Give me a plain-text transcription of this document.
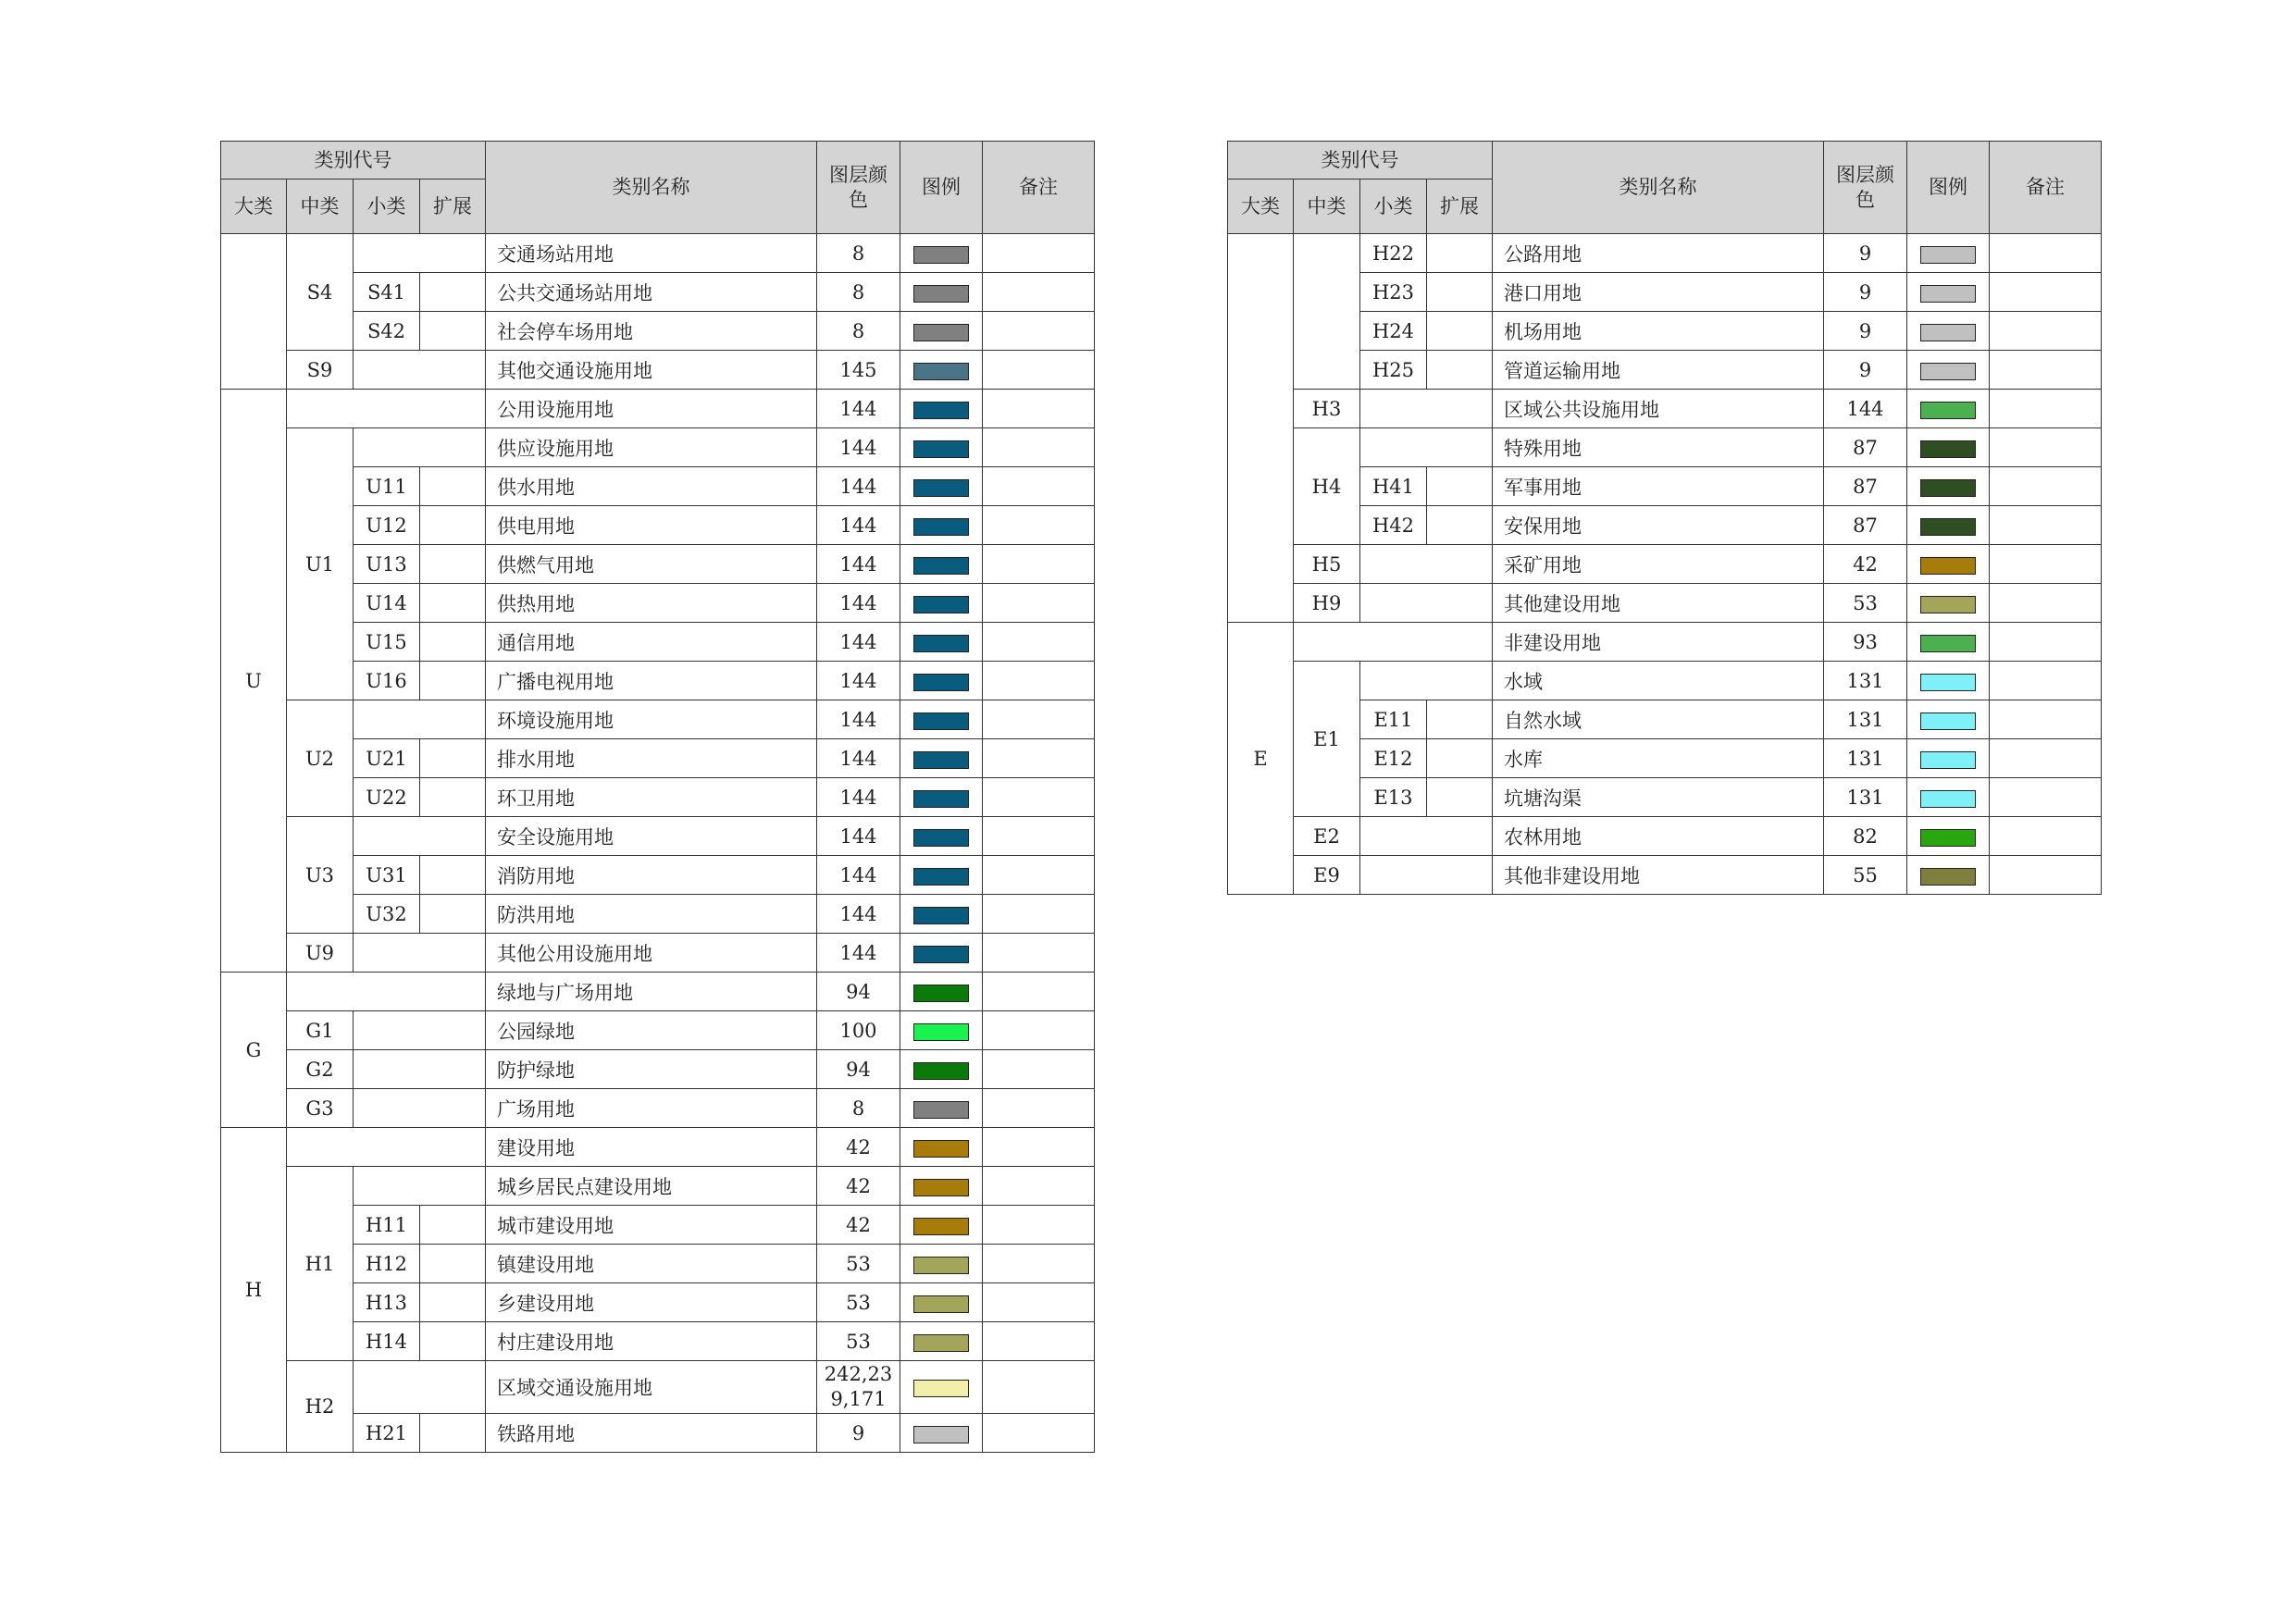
类别代号				类别名称	图层颜色	图例	备注
大类	中类	小类	扩展				
	S4			交通场站用地	8		
		S41		公共交通场站用地	8		
		S42		社会停车场用地	8		
	S9			其他交通设施用地	145		
U				公用设施用地	144		
	U1			供应设施用地	144		
		U11		供水用地	144		
		U12		供电用地	144		
		U13		供燃气用地	144		
		U14		供热用地	144		
		U15		通信用地	144		
		U16		广播电视用地	144		
	U2			环境设施用地	144		
		U21		排水用地	144		
		U22		环卫用地	144		
	U3			安全设施用地	144		
		U31		消防用地	144		
		U32		防洪用地	144		
	U9			其他公用设施用地	144		
G				绿地与广场用地	94		
	G1			公园绿地	100		
	G2			防护绿地	94		
	G3			广场用地	8		
H				建设用地	42		
	H1			城乡居民点建设用地	42		
		H11		城市建设用地	42		
		H12		镇建设用地	53		
		H13		乡建设用地	53		
		H14		村庄建设用地	53		
	H2			区域交通设施用地	242,239,171		
		H21		铁路用地	9		
类别代号				类别名称	图层颜色	图例	备注
大类	中类	小类	扩展				
		H22		公路用地	9		
		H23		港口用地	9		
		H24		机场用地	9		
		H25		管道运输用地	9		
	H3			区域公共设施用地	144		
	H4			特殊用地	87		
		H41		军事用地	87		
		H42		安保用地	87		
	H5			采矿用地	42		
	H9			其他建设用地	53		
E				非建设用地	93		
	E1			水域	131		
		E11		自然水域	131		
		E12		水库	131		
		E13		坑塘沟渠	131		
	E2			农林用地	82		
	E9			其他非建设用地	55		
